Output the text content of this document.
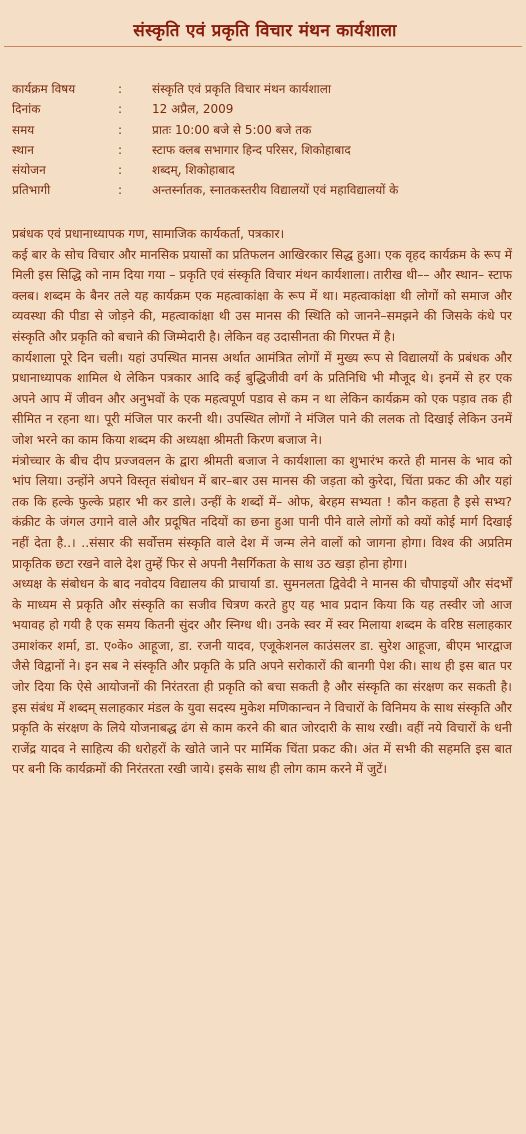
संस्कृति एवं प्रकृति विचार मंथन कार्यशाला
कार्यक्रम विषय	:	संस्कृति एवं प्रकृति विचार मंथन कार्यशाला
दिनांक	:	12 अप्रैल, 2009
समय	:	प्रातः 10:00 बजे से 5:00 बजे तक
स्थान	:	स्टाफ क्लब सभागार हिन्द परिसर, शिकोहाबाद
संयोजन	:	शब्दम्, शिकोहाबाद
प्रतिभागी	:	अन्तर्स्नातक, स्नातकस्तरीय विद्यालयों एवं महाविद्यालयों के

प्रबंधक एवं प्रधानाध्यापक गण, सामाजिक कार्यकर्ता, पत्रकार।

कई बार के सोच विचार और मानसिक प्रयासों का प्रतिफलन आखिरकार सिद्ध हुआ। एक वृहद कार्यक्रम के रूप में मिली इस सिद्धि को नाम दिया गया – प्रकृति एवं संस्कृति विचार मंथन कार्यशाला। तारीख थी–– और स्थान– स्टाफ क्लब। शब्दम के बैनर तले यह कार्यक्रम एक महत्वाकांक्षा के रूप में था। महत्वाकांक्षा थी लोगों को समाज और व्यवस्था की पीडा से जोड़ने की, महत्वाकांक्षा थी उस मानस की स्थिति को जानने–समझने की जिसके कंधे पर संस्कृति और प्रकृति को बचाने की जिम्मेदारी है। लेकिन वह उदासीनता की गिरफ्त में है।

कार्यशाला पूरे दिन चली। यहां उपस्थित मानस अर्थात आमंत्रित लोगों में मुख्य रूप से विद्यालयों के प्रबंधक और प्रधानाध्यापक शामिल थे लेकिन पत्रकार आदि कई बुद्धिजीवी वर्ग के प्रतिनिधि भी मौजूद थे। इनमें से हर एक अपने आप में जीवन और अनुभवों के एक महत्वपूर्ण पडाव से कम न था लेकिन कार्यक्रम को एक पड़ाव तक ही सीमित न रहना था। पूरी मंजिल पार करनी थी। उपस्थित लोगों ने मंजिल पाने की ललक तो दिखाई लेकिन उनमें जोश भरने का काम किया शब्दम की अध्यक्षा श्रीमती किरण बजाज ने।

मंत्रोच्चार के बीच दीप प्रज्जवलन के द्वारा श्रीमती बजाज ने कार्यशाला का शुभारंभ करते ही मानस के भाव को भांप लिया। उन्होंने अपने विस्तृत संबोधन में बार–बार उस मानस की जड़ता को कुरेदा, चिंता प्रकट की और यहां तक कि हल्के फुल्के प्रहार भी कर डाले। उन्हीं के शब्दों में– ओफ, बेरहम सभ्यता ! कौन कहता है इसे सभ्य? कंक्रीट के जंगल उगाने वाले और प्रदूषित नदियों का छना हुआ पानी पीने वाले लोगों को क्यों कोई मार्ग दिखाई नहीं देता है..। ..संसार की सर्वोत्तम संस्कृति वाले देश में जन्म लेने वालों को जागना होगा। विश्व की अप्रतिम प्राकृतिक छटा रखने वाले देश तुम्हें फिर से अपनी नैसर्गिकता के साथ उठ खड़ा होना होगा।

अध्यक्ष के संबोधन के बाद नवोदय विद्यालय की प्राचार्या डा. सुमनलता द्विवेदी ने मानस की चौपाइयों और संदर्भों के माध्यम से प्रकृति और संस्कृति का सजीव चित्रण करते हुए यह भाव प्रदान किया कि यह तस्वीर जो आज भयावह हो गयी है एक समय कितनी सुंदर और स्निग्ध थी। उनके स्वर में स्वर मिलाया शब्दम के वरिष्ठ सलाहकार उमाशंकर शर्मा, डा. ए०के० आहूजा, डा. रजनी यादव, एजूकेशनल काउंसलर डा. सुरेश आहूजा, बीएम भारद्वाज जैसे विद्वानों ने। इन सब ने संस्कृति और प्रकृति के प्रति अपने सरोकारों की बानगी पेश की। साथ ही इस बात पर जोर दिया कि ऐसे आयोजनों की निरंतरता ही प्रकृति को बचा सकती है और संस्कृति का संरक्षण कर सकती है। इस संबंध में शब्दम् सलाहकार मंडल के युवा सदस्य मुकेश मणिकान्चन ने विचारों के विनिमय के साथ संस्कृति और प्रकृति के संरक्षण के लिये योजनाबद्ध ढंग से काम करने की बात जोरदारी के साथ रखी। वहीं नये विचारों के धनी राजेंद्र यादव ने साहित्य की धरोहरों के खोते जाने पर मार्मिक चिंता प्रकट की। अंत में सभी की सहमति इस बात पर बनी कि कार्यक्रमों की निरंतरता रखी जाये। इसके साथ ही लोग काम करने में जुटें।
